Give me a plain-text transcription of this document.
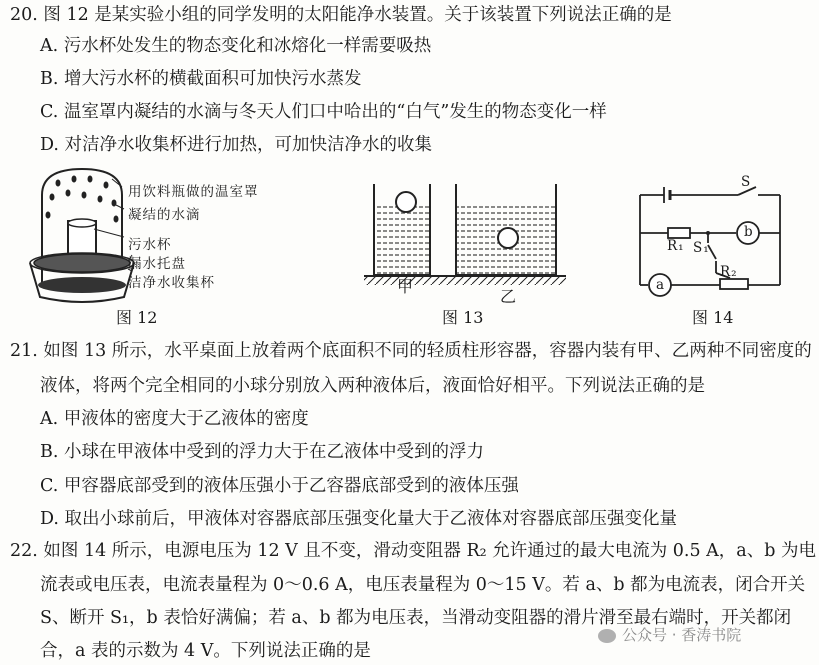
20. 图 12 是某实验小组的同学发明的太阳能净水装置。关于该装置下列说法正确的是
A. 污水杯处发生的物态变化和冰熔化一样需要吸热
B. 增大污水杯的横截面积可加快污水蒸发
C. 温室罩内凝结的水滴与冬天人们口中哈出的“白气”发生的物态变化一样
D. 对洁净水收集杯进行加热，可加快洁净水的收集
用饮料瓶做的温室罩
凝结的水滴
污水杯
漏水托盘
洁净水收集杯
图 12
甲
乙
图 13
S
b
R₁ S₁
R₂
a
图 14
21. 如图 13 所示，水平桌面上放着两个底面积不同的轻质柱形容器，容器内装有甲、乙两种不同密度的
液体，将两个完全相同的小球分别放入两种液体后，液面恰好相平。下列说法正确的是
A. 甲液体的密度大于乙液体的密度
B. 小球在甲液体中受到的浮力大于在乙液体中受到的浮力
C. 甲容器底部受到的液体压强小于乙容器底部受到的液体压强
D. 取出小球前后，甲液体对容器底部压强变化量大于乙液体对容器底部压强变化量
22. 如图 14 所示，电源电压为 12 V 且不变，滑动变阻器 R₂ 允许通过的最大电流为 0.5 A，a、b 为电
流表或电压表，电流表量程为 0～0.6 A，电压表量程为 0～15 V。若 a、b 都为电流表，闭合开关
S、断开 S₁，b 表恰好满偏；若 a、b 都为电压表，当滑动变阻器的滑片滑至最右端时，开关都闭
合，a 表的示数为 4 V。下列说法正确的是
公众号 · 香涛书院
